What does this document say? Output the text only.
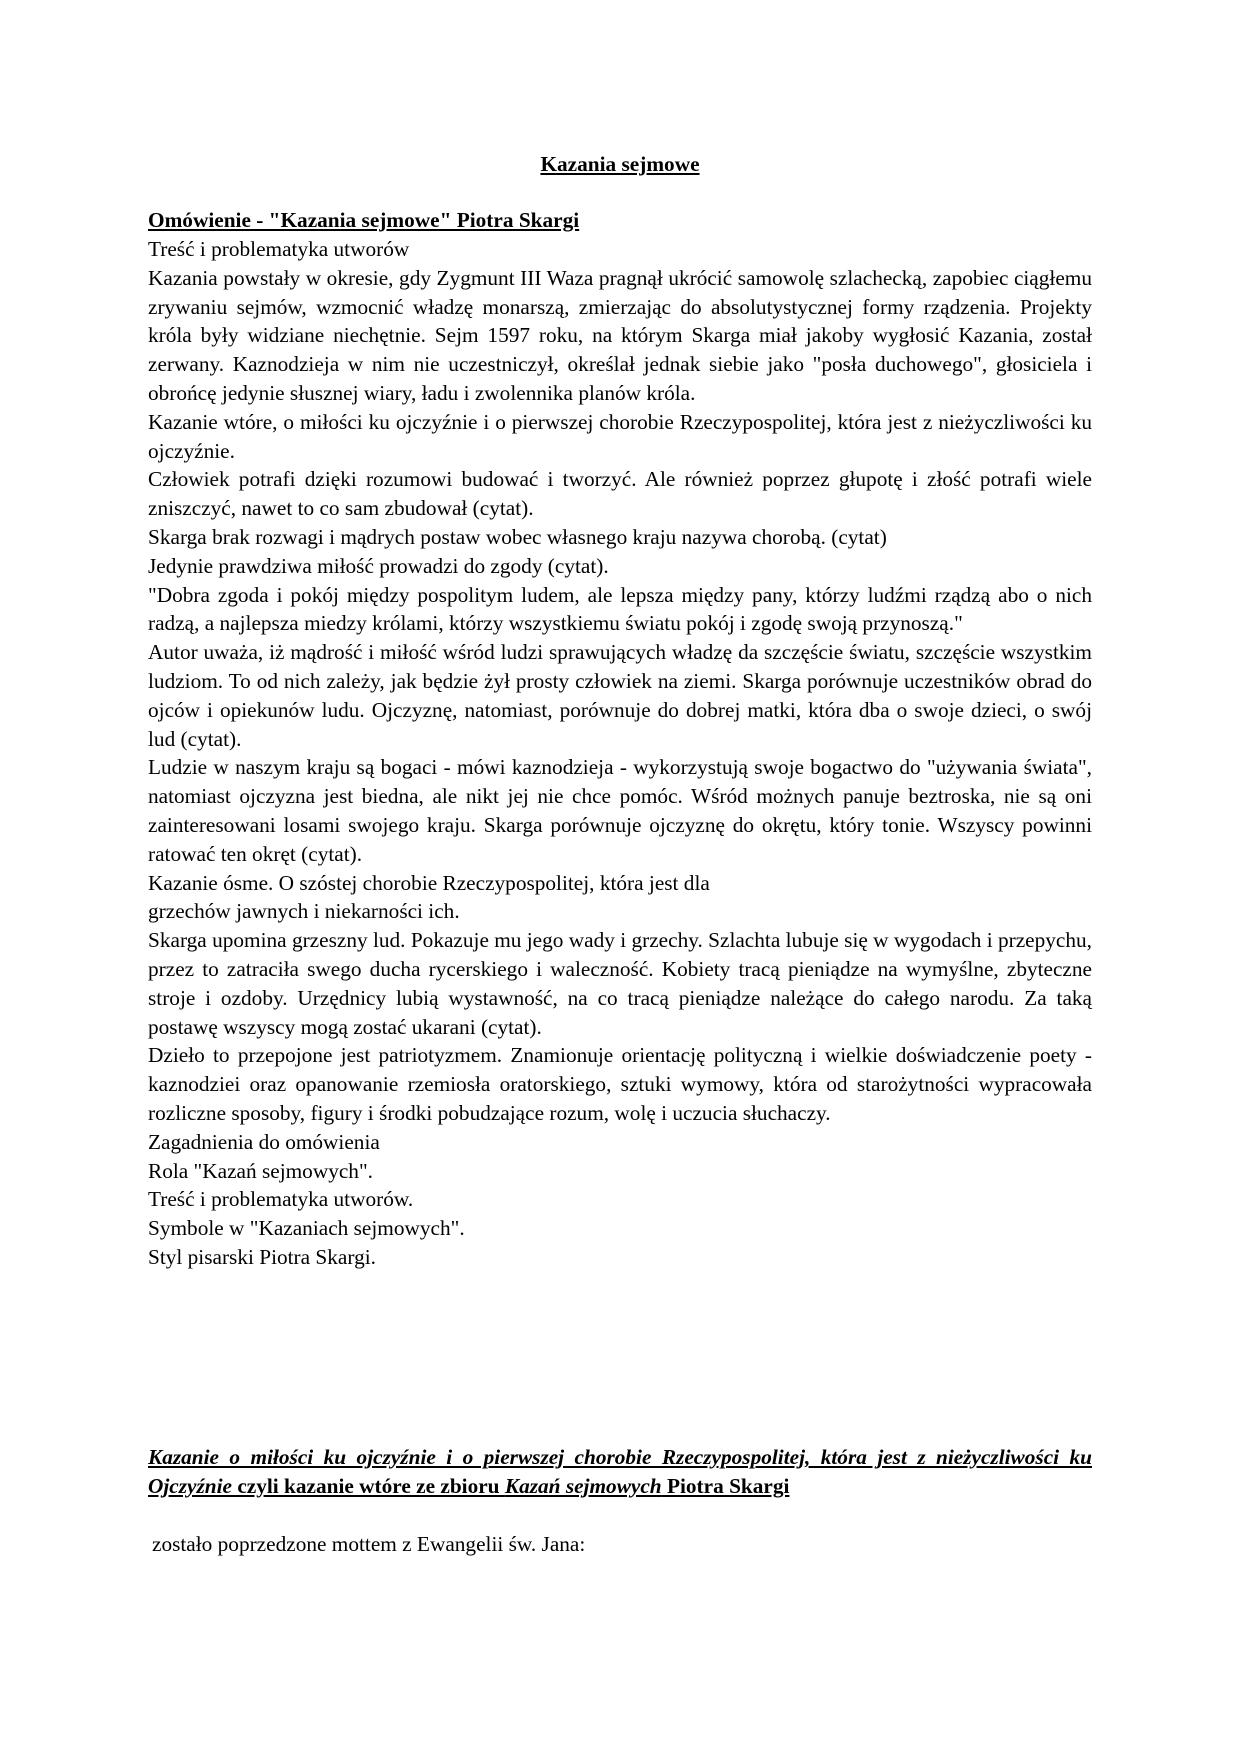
Kazania sejmowe
Omówienie - "Kazania sejmowe" Piotra Skargi

Treść i problematyka utworów

Kazania powstały w okresie, gdy Zygmunt III Waza pragnął ukrócić samowolę szlachecką, zapobiec ciągłemu zrywaniu sejmów, wzmocnić władzę monarszą, zmierzając do absolutystycznej formy rządzenia. Projekty króla były widziane niechętnie. Sejm 1597 roku, na którym Skarga miał jakoby wygłosić Kazania, został zerwany. Kaznodzieja w nim nie uczestniczył, określał jednak siebie jako "posła duchowego", głosiciela i obrońcę jedynie słusznej wiary, ładu i zwolennika planów króla.

Kazanie wtóre, o miłości ku ojczyźnie i o pierwszej chorobie Rzeczypospolitej, która jest z nieżyczliwości ku ojczyźnie.

Człowiek potrafi dzięki rozumowi budować i tworzyć. Ale również poprzez głupotę i złość potrafi wiele zniszczyć, nawet to co sam zbudował (cytat).

Skarga brak rozwagi i mądrych postaw wobec własnego kraju nazywa chorobą. (cytat)

Jedynie prawdziwa miłość prowadzi do zgody (cytat).

"Dobra zgoda i pokój między pospolitym ludem, ale lepsza między pany, którzy ludźmi rządzą abo o nich radzą, a najlepsza miedzy królami, którzy wszystkiemu światu pokój i zgodę swoją przynoszą."

Autor uważa, iż mądrość i miłość wśród ludzi sprawujących władzę da szczęście światu, szczęście wszystkim ludziom. To od nich zależy, jak będzie żył prosty człowiek na ziemi. Skarga porównuje uczestników obrad do ojców i opiekunów ludu. Ojczyznę, natomiast, porównuje do dobrej matki, która dba o swoje dzieci, o swój lud (cytat).

Ludzie w naszym kraju są bogaci - mówi kaznodzieja - wykorzystują swoje bogactwo do "używania świata", natomiast ojczyzna jest biedna, ale nikt jej nie chce pomóc. Wśród możnych panuje beztroska, nie są oni zainteresowani losami swojego kraju. Skarga porównuje ojczyznę do okrętu, który tonie. Wszyscy powinni ratować ten okręt (cytat).

Kazanie ósme. O szóstej chorobie Rzeczypospolitej, która jest dla

grzechów jawnych i niekarności ich.

Skarga upomina grzeszny lud. Pokazuje mu jego wady i grzechy. Szlachta lubuje się w wygodach i przepychu, przez to zatraciła swego ducha rycerskiego i waleczność. Kobiety tracą pieniądze na wymyślne, zbyteczne stroje i ozdoby. Urzędnicy lubią wystawność, na co tracą pieniądze należące do całego narodu. Za taką postawę wszyscy mogą zostać ukarani (cytat).

Dzieło to przepojone jest patriotyzmem. Znamionuje orientację polityczną i wielkie doświadczenie poety - kaznodziei oraz opanowanie rzemiosła oratorskiego, sztuki wymowy, która od starożytności wypracowała rozliczne sposoby, figury i środki pobudzające rozum, wolę i uczucia słuchaczy.

Zagadnienia do omówienia

Rola "Kazań sejmowych".

Treść i problematyka utworów.

Symbole w "Kazaniach sejmowych".

Styl pisarski Piotra Skargi.

Kazanie o miłości ku ojczyźnie i o pierwszej chorobie Rzeczypospolitej, która jest z nieżyczliwości ku Ojczyźnie czyli kazanie wtóre ze zbioru Kazań sejmowych Piotra Skargi
zostało poprzedzone mottem z Ewangelii św. Jana:
